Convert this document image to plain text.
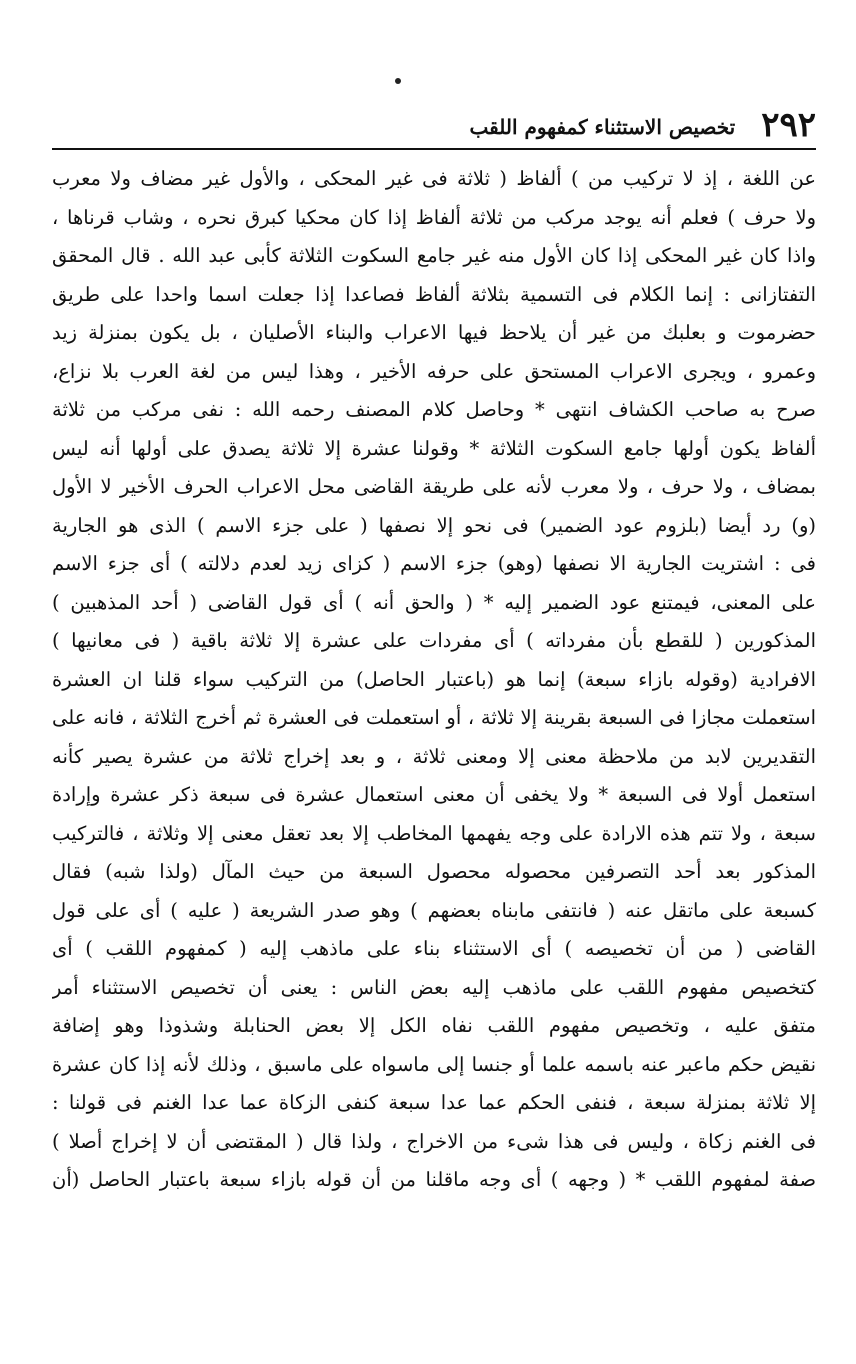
٢٩٢
تخصيص الاستثناء كمفهوم اللقب
عن اللغة ، إذ لا تركيب من ) ألفاظ ( ثلاثة فى غير المحكى ، والأول غير مضاف ولا معرب
ولا حرف ) فعلم أنه يوجد مركب من ثلاثة ألفاظ إذا كان محكيا كبرق نحره ، وشاب قرناها ،
واذا كان غير المحكى إذا كان الأول منه غير جامع السكوت الثلاثة كأبى عبد الله . قال المحقق
التفتازانى : إنما الكلام فى التسمية بثلاثة ألفاظ فصاعدا إذا جعلت اسما واحدا على طريق
حضرموت و بعلبك من غير أن يلاحظ فيها الاعراب والبناء الأصليان ، بل يكون بمنزلة زيد
وعمرو ، ويجرى الاعراب المستحق على حرفه الأخير ، وهذا ليس من لغة العرب بلا نزاع،
صرح به صاحب الكشاف انتهى * وحاصل كلام المصنف رحمه الله : نفى مركب من ثلاثة
ألفاظ يكون أولها جامع السكوت الثلاثة * وقولنا عشرة إلا ثلاثة يصدق على أولها أنه ليس
بمضاف ، ولا حرف ، ولا معرب لأنه على طريقة القاضى محل الاعراب الحرف الأخير لا الأول
(و) رد أيضا (بلزوم عود الضمير) فى نحو إلا نصفها ( على جزء الاسم ) الذى هو الجارية
فى : اشتريت الجارية الا نصفها (وهو) جزء الاسم ( كزاى زيد لعدم دلالته ) أى جزء الاسم
على المعنى، فيمتنع عود الضمير إليه * ( والحق أنه ) أى قول القاضى ( أحد المذهبين )
المذكورين ( للقطع بأن مفرداته ) أى مفردات على عشرة إلا ثلاثة باقية ( فى معانيها )
الافرادية (وقوله بازاء سبعة) إنما هو (باعتبار الحاصل) من التركيب سواء قلنا ان العشرة
استعملت مجازا فى السبعة بقرينة إلا ثلاثة ، أو استعملت فى العشرة ثم أخرج الثلاثة ، فانه على
التقديرين لابد من ملاحظة معنى إلا ومعنى ثلاثة ، و بعد إخراج ثلاثة من عشرة يصير كأنه
استعمل أولا فى السبعة * ولا يخفى أن معنى استعمال عشرة فى سبعة ذكر عشرة وإرادة
سبعة ، ولا تتم هذه الارادة على وجه يفهمها المخاطب إلا بعد تعقل معنى إلا وثلاثة ، فالتركيب
المذكور بعد أحد التصرفين محصوله محصول السبعة من حيث المآل (ولذا شبه) فقال
كسبعة على ماتقل عنه ( فانتفى مابناه بعضهم ) وهو صدر الشريعة ( عليه ) أى على قول
القاضى ( من أن تخصيصه ) أى الاستثناء بناء على ماذهب إليه ( كمفهوم اللقب ) أى
كتخصيص مفهوم اللقب على ماذهب إليه بعض الناس : يعنى أن تخصيص الاستثناء أمر
متفق عليه ، وتخصيص مفهوم اللقب نفاه الكل إلا بعض الحنابلة وشذوذا وهو إضافة
نقيض حكم ماعبر عنه باسمه علما أو جنسا إلى ماسواه على ماسبق ، وذلك لأنه إذا كان عشرة
إلا ثلاثة بمنزلة سبعة ، فنفى الحكم عما عدا سبعة كنفى الزكاة عما عدا الغنم فى قولنا :
فى الغنم زكاة ، وليس فى هذا شىء من الاخراج ، ولذا قال ( المقتضى أن لا إخراج أصلا )
صفة لمفهوم اللقب * ( وجهه ) أى وجه ماقلنا من أن قوله بازاء سبعة باعتبار الحاصل (أن
